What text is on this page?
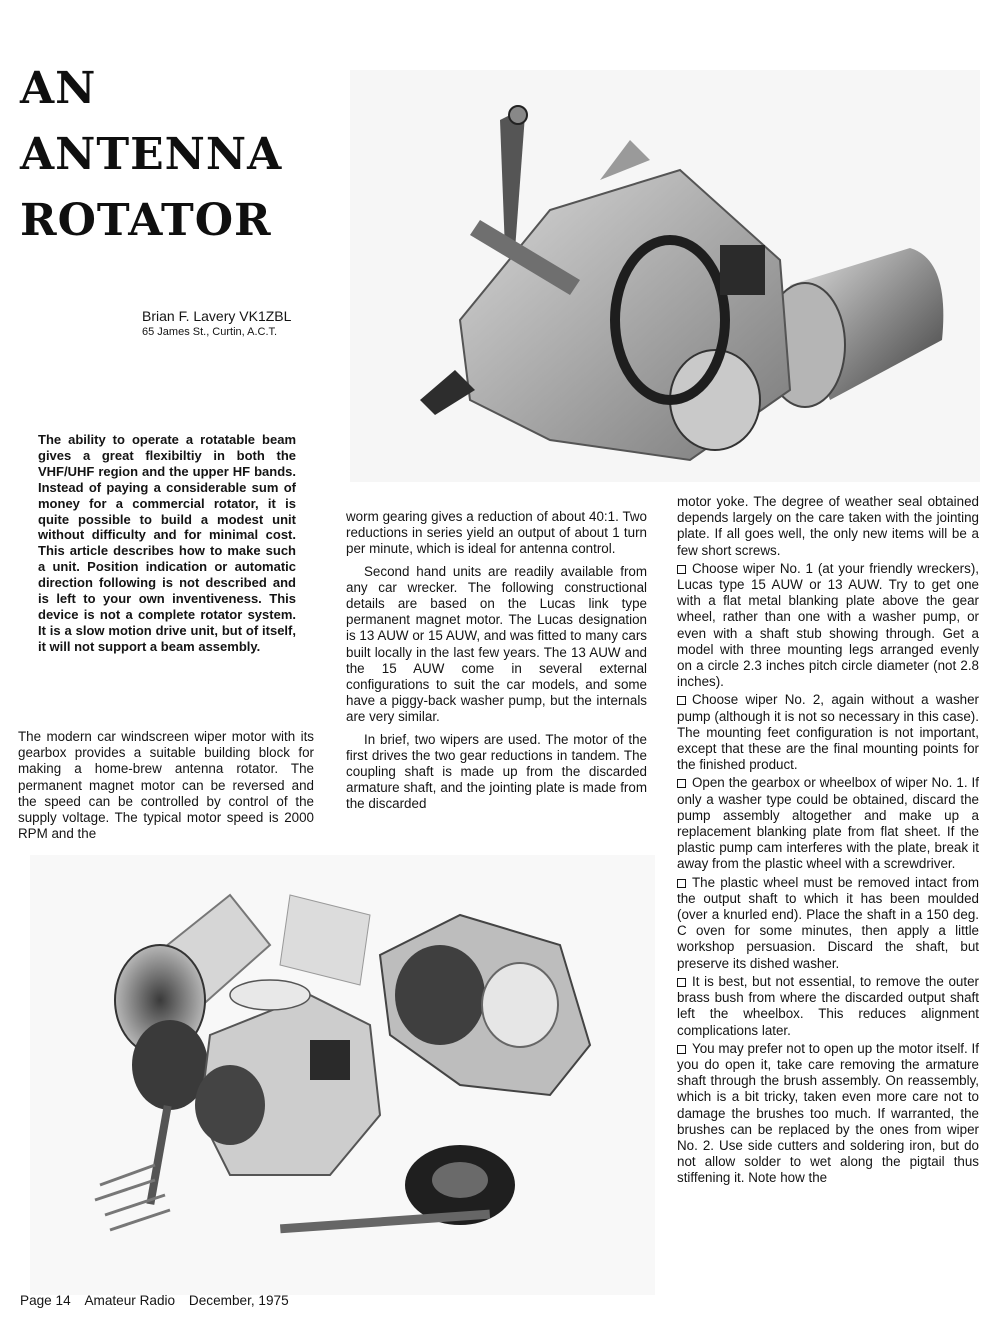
AN
ANTENNA
ROTATOR
Brian F. Lavery VK1ZBL
65 James St., Curtin, A.C.T.
The ability to operate a rotatable beam gives a great flexibiltiy in both the VHF/UHF region and the upper HF bands. Instead of paying a considerable sum of money for a commercial rotator, it is quite possible to build a modest unit without difficulty and for minimal cost. This article describes how to make such a unit. Position indication or automatic direction following is not described and is left to your own inventiveness. This device is not a complete rotator system. It is a slow motion drive unit, but of itself, it will not support a beam assembly.

The modern car windscreen wiper motor with its gearbox provides a suitable building block for making a home-brew antenna rotator. The permanent magnet motor can be reversed and the speed can be controlled by control of the supply voltage. The typical motor speed is 2000 RPM and the

worm gearing gives a reduction of about 40:1. Two reductions in series yield an output of about 1 turn per minute, which is ideal for antenna control.

Second hand units are readily available from any car wrecker. The following constructional details are based on the Lucas link type permanent magnet motor. The Lucas designation is 13 AUW or 15 AUW, and was fitted to many cars built locally in the last few years. The 13 AUW and the 15 AUW come in several external configurations to suit the car models, and some have a piggy-back washer pump, but the internals are very similar.

In brief, two wipers are used. The motor of the first drives the two gear reductions in tandem. The coupling shaft is made up from the discarded armature shaft, and the jointing plate is made from the discarded

motor yoke. The degree of weather seal obtained depends largely on the care taken with the jointing plate. If all goes well, the only new items will be a few short screws.

Choose wiper No. 1 (at your friendly wreckers), Lucas type 15 AUW or 13 AUW. Try to get one with a flat metal blanking plate above the gear wheel, rather than one with a washer pump, or even with a shaft stub showing through. Get a model with three mounting legs arranged evenly on a circle 2.3 inches pitch circle diameter (not 2.8 inches).

Choose wiper No. 2, again without a washer pump (although it is not so necessary in this case). The mounting feet configuration is not important, except that these are the final mounting points for the finished product.

Open the gearbox or wheelbox of wiper No. 1. If only a washer type could be obtained, discard the pump assembly altogether and make up a replacement blanking plate from flat sheet. If the plastic pump cam interferes with the plate, break it away from the plastic wheel with a screwdriver.

The plastic wheel must be removed intact from the output shaft to which it has been moulded (over a knurled end). Place the shaft in a 150 deg. C oven for some minutes, then apply a little workshop persuasion. Discard the shaft, but preserve its dished washer.

It is best, but not essential, to remove the outer brass bush from where the discarded output shaft left the wheelbox. This reduces alignment complications later.

You may prefer not to open up the motor itself. If you do open it, take care removing the armature shaft through the brush assembly. On reassembly, which is a bit tricky, taken even more care not to damage the brushes too much. If warranted, the brushes can be replaced by the ones from wiper No. 2. Use side cutters and soldering iron, but do not allow solder to wet along the pigtail thus stiffening it. Note how the

Page 14 Amateur Radio December, 1975
